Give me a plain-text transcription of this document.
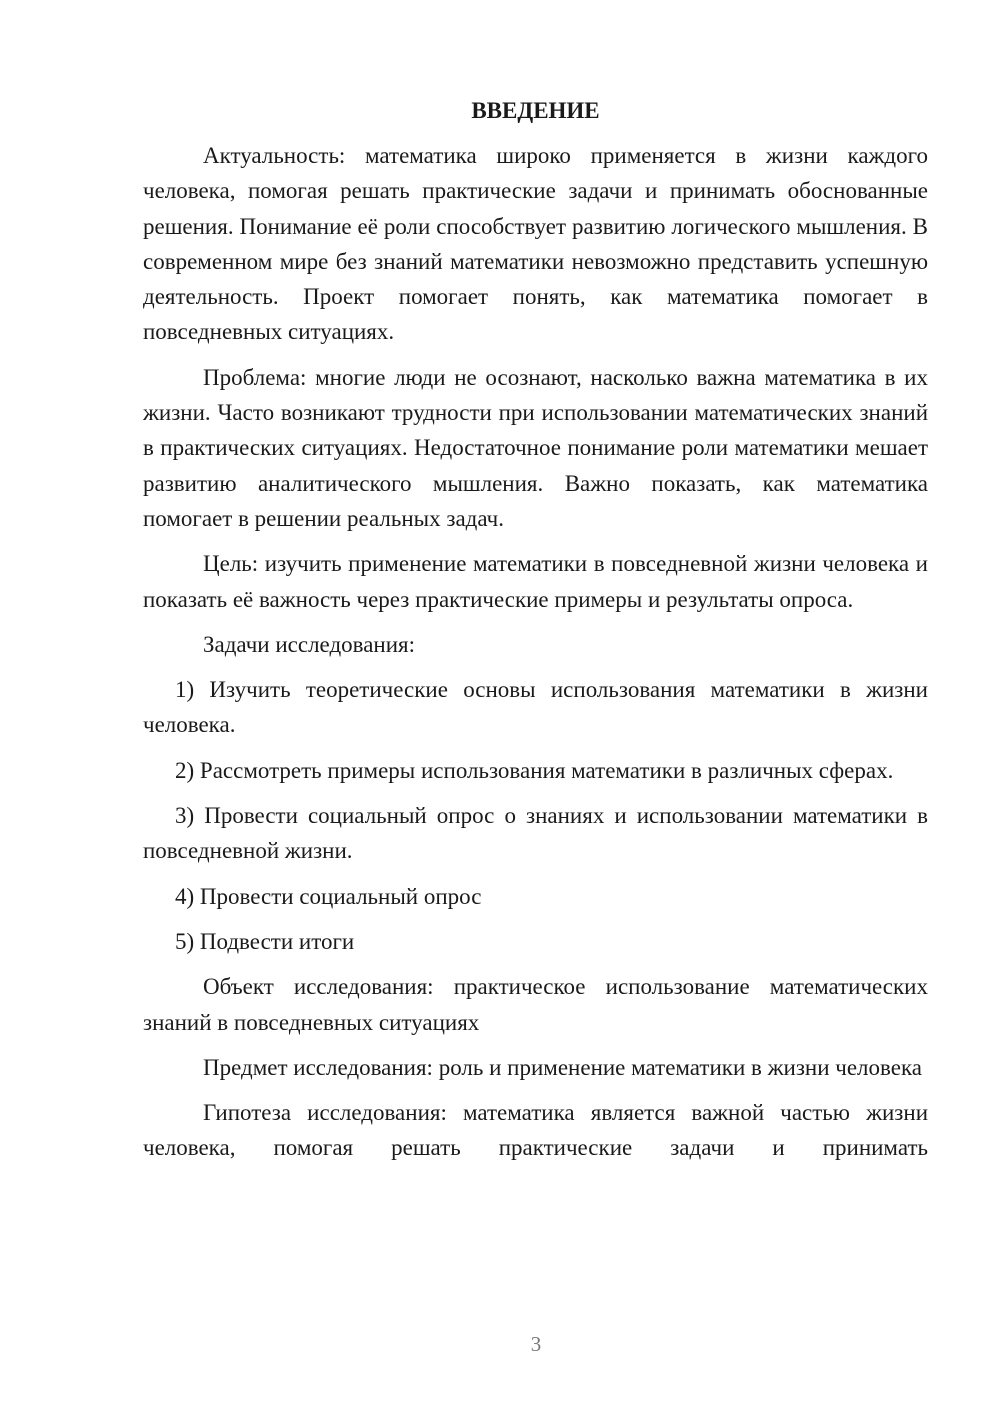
ВВЕДЕНИЕ

Актуальность: математика широко применяется в жизни каждого человека, помогая решать практические задачи и принимать обоснованные решения. Понимание её роли способствует развитию логического мышления. В современном мире без знаний математики невозможно представить успешную деятельность. Проект помогает понять, как математика помогает в повседневных ситуациях.

Проблема: многие люди не осознают, насколько важна математика в их жизни. Часто возникают трудности при использовании математических знаний в практических ситуациях. Недостаточное понимание роли математики мешает развитию аналитического мышления. Важно показать, как математика помогает в решении реальных задач.

Цель: изучить применение математики в повседневной жизни человека и показать её важность через практические примеры и результаты опроса.

Задачи исследования:

1) Изучить теоретические основы использования математики в жизни человека.

2) Рассмотреть примеры использования математики в различных сферах.

3) Провести социальный опрос о знаниях и использовании математики в повседневной жизни.

4) Провести социальный опрос

5) Подвести итоги

Объект исследования: практическое использование математических знаний в повседневных ситуациях

Предмет исследования: роль и применение математики в жизни человека

Гипотеза исследования: математика является важной частью жизни человека, помогая решать практические задачи и принимать

3
